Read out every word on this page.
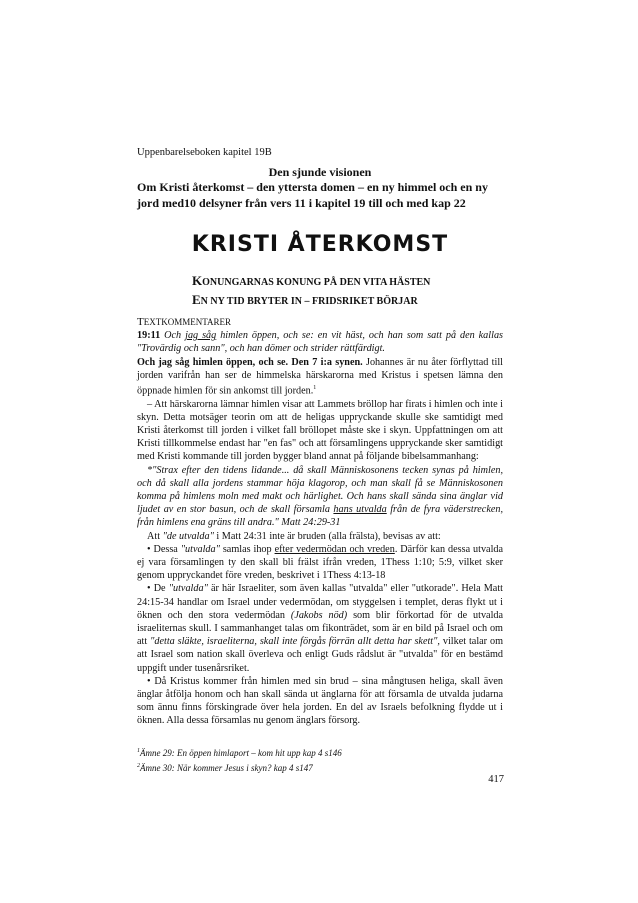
Uppenbarelseboken kapitel 19B
Den sjunde visionen
Om Kristi återkomst – den yttersta domen – en ny himmel och en ny jord med10 delsyner från vers 11 i kapitel 19 till och med kap 22
KRISTI ÅTERKOMST
KONUNGARNAS KONUNG PÅ DEN VITA HÄSTEN
EN NY TID BRYTER IN – FRIDSRIKET BÖRJAR

TEXTKOMMENTARER

19:11 Och jag såg himlen öppen, och se: en vit häst, och han som satt på den kallas "Trovärdig och sann", och han dömer och strider rättfärdigt.

Och jag såg himlen öppen, och se. Den 7 i:a synen. Johannes är nu åter förflyttad till jorden varifrån han ser de himmelska härskarorna med Kristus i spetsen lämna den öppnade himlen för sin ankomst till jorden.$^1$

– Att härskarorna lämnar himlen visar att Lammets bröllop har firats i himlen och inte i skyn. Detta motsäger teorin om att de heligas uppryckande skulle ske samtidigt med Kristi återkomst till jorden i vilket fall bröllopet måste ske i skyn. Uppfattningen om att Kristi tillkommelse endast har "en fas" och att församlingens uppryckande sker samtidigt med Kristi kommande till jorden bygger bland annat på följande bibelsammanhang:

*"Strax efter den tidens lidande... då skall Människosonens tecken synas på himlen, och då skall alla jordens stammar höja klagorop, och man skall få se Människosonen komma på himlens moln med makt och härlighet. Och hans skall sända sina änglar vid ljudet av en stor basun, och de skall församla hans utvalda från de fyra väderstrecken, från himlens ena gräns till andra." Matt 24:29-31

Att "de utvalda" i Matt 24:31 inte är bruden (alla frälsta), bevisas av att:

• Dessa "utvalda" samlas ihop efter vedermödan och vreden. Därför kan dessa utvalda ej vara församlingen ty den skall bli frälst ifrån vreden, 1Thess 1:10; 5:9, vilket sker genom uppryckandet före vreden, beskrivet i 1Thess 4:13-18

• De "utvalda" är här Israeliter, som även kallas "utvalda" eller "utkorade". Hela Matt 24:15-34 handlar om Israel under vedermödan, om styggelsen i templet, deras flykt ut i öknen och den stora vedermödan (Jakobs nöd) som blir förkortad för de utvalda israeliternas skull. I sammanhanget talas om fikonträdet, som är en bild på Israel och om att "detta släkte, israeliterna, skall inte förgås förrän allt detta har skett", vilket talar om att Israel som nation skall överleva och enligt Guds rådslut är "utvalda" för en bestämd uppgift under tusenårsriket.

• Då Kristus kommer från himlen med sin brud – sina mångtusen heliga, skall även änglar åtfölja honom och han skall sända ut änglarna för att församla de utvalda judarna som ännu finns förskingrade över hela jorden. En del av Israels befolkning flydde ut i öknen. Alla dessa församlas nu genom änglars försorg.

$^1$Ämne 29: En öppen himlaport – kom hit upp kap 4 s146

$^2$Ämne 30: När kommer Jesus i skyn? kap 4 s147

417
